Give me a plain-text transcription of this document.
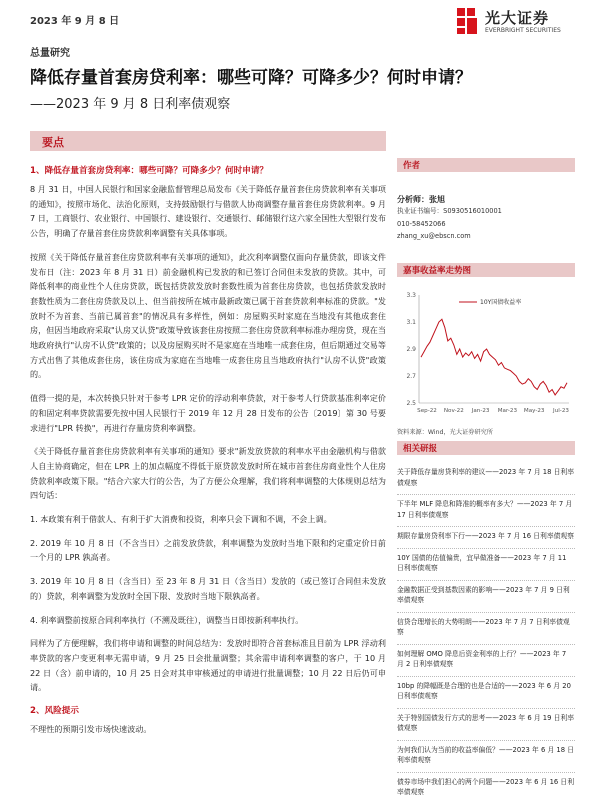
2023 年 9 月 8 日	光大证券
EVERBRIGHT SECURITIES
总量研究
降低存量首套房贷利率：哪些可降？可降多少？何时申请？
——2023 年 9 月 8 日利率债观察
要点
1、降低存量首套房贷利率：哪些可降？可降多少？何时申请？
8 月 31 日，中国人民银行和国家金融监督管理总局发布《关于降低存量首套住房贷款利率有关事项的通知》，按照市场化、法治化原则，支持鼓励银行与借款人协商调整存量首套住房贷款利率。9 月 7 日，工商银行、农业银行、中国银行、建设银行、交通银行、邮储银行这六家全国性大型银行发布公告，明确了存量首套住房贷款利率调整有关具体事项。
按照《关于降低存量首套住房贷款利率有关事项的通知》，此次利率调整仅面向存量贷款，即该文件发布日（注：2023 年 8 月 31 日）前金融机构已发放的和已签订合同但未发放的贷款。其中，可降低利率的商业性个人住房贷款，既包括贷款发放时套数性质为首套住房贷款，也包括贷款发放时套数性质为二套住房贷款及以上、但当前按所在城市最新政策已属于首套贷款利率标准的贷款。"发放时不为首套、当前已属首套"的情况具有多样性，例如：房屋购买时家庭在当地没有其他成套住房，但因当地政府采取"认房又认贷"政策导致该套住房按照二套住房贷款利率标准办理房贷，现在当地政府执行"认房不认贷"政策的；以及房屋购买时不是家庭在当地唯一成套住房，但后期通过交易等方式出售了其他成套住房，该住房成为家庭在当地唯一成套住房且当地政府执行"认房不认贷"政策的。
值得一提的是，本次转换只针对于参考 LPR 定价的浮动利率贷款，对于参考人行贷款基准利率定价的和固定利率贷款需要先按中国人民银行于 2019 年 12 月 28 日发布的公告〔2019〕第 30 号要求进行"LPR 转换"，再进行存量房贷利率调整。
《关于降低存量首套住房贷款利率有关事项的通知》要求"新发放贷款的利率水平由金融机构与借款人自主协商确定，但在 LPR 上的加点幅度不得低于原贷款发放时所在城市首套住房商业性个人住房贷款利率政策下限。"结合六家大行的公告，为了方便公众理解，我们将利率调整的大体规则总结为四句话：
1. 本政策有利于借款人、有利于扩大消费和投资，利率只会下调和不调，不会上调。
2. 2019 年 10 月 8 日（不含当日）之前发放贷款，利率调整为发放时当地下限和约定重定价日前一个月的 LPR 孰高者。
3. 2019 年 10 月 8 日（含当日）至 23 年 8 月 31 日（含当日）发放的（或已签订合同但未发放的）贷款，利率调整为发放时全国下限、发放时当地下限孰高者。
4. 利率调整前按原合同利率执行（不溯及既往），调整当日即按新利率执行。
同样为了方便理解，我们将申请和调整的时间总结为：发放时即符合首套标准且目前为 LPR 浮动利率贷款的客户变更利率无需申请，9 月 25 日会批量调整；其余需申请利率调整的客户，于 10 月 22 日（含）前申请的，10 月 25 日会对其申审核通过的申请进行批量调整；10 月 22 日后仍可申请。
2、风险提示
不理性的预期引发市场快速波动。
作者
分析师：张旭
执业证书编号：S0930516010001
010-58452066
zhang_xu@ebscn.com
嘉事收益率走势图
2.5
2.7
2.9
3.1
3.3
Sep-22 Nov-22 Jan-23 Mar-23 May-23 Jul-23
10Y国债收益率
资料来源：Wind，光大证券研究所
相关研报
关于降低存量房贷利率的建议——2023 年 7 月 18 日利率债观察
下半年 MLF 降息和降准的概率有多大？——2023 年 7 月 17 日利率债观察
期限存量房贷利率下行——2023 年 7 月 16 日利率债观察
10Y 国债的估值偏贵，宜早做准备——2023 年 7 月 11 日利率债观察
金融数据正受到基数因素的影响——2023 年 7 月 9 日利率债观察
信贷合理增长的大势明朗——2023 年 7 月 7 日利率债观察
如何理解 OMO 降息后资金利率的上行？——2023 年 7 月 2 日利率债观察
10bp 的降幅既是合理的也是合适的——2023 年 6 月 20 日利率债观察
关于特别国债发行方式的思考——2023 年 6 月 19 日利率债观察
为何我们认为当前的收益率偏低？——2023 年 6 月 18 日利率债观察
债券市场中我们担心的两个问题——2023 年 6 月 16 日利率债观察
